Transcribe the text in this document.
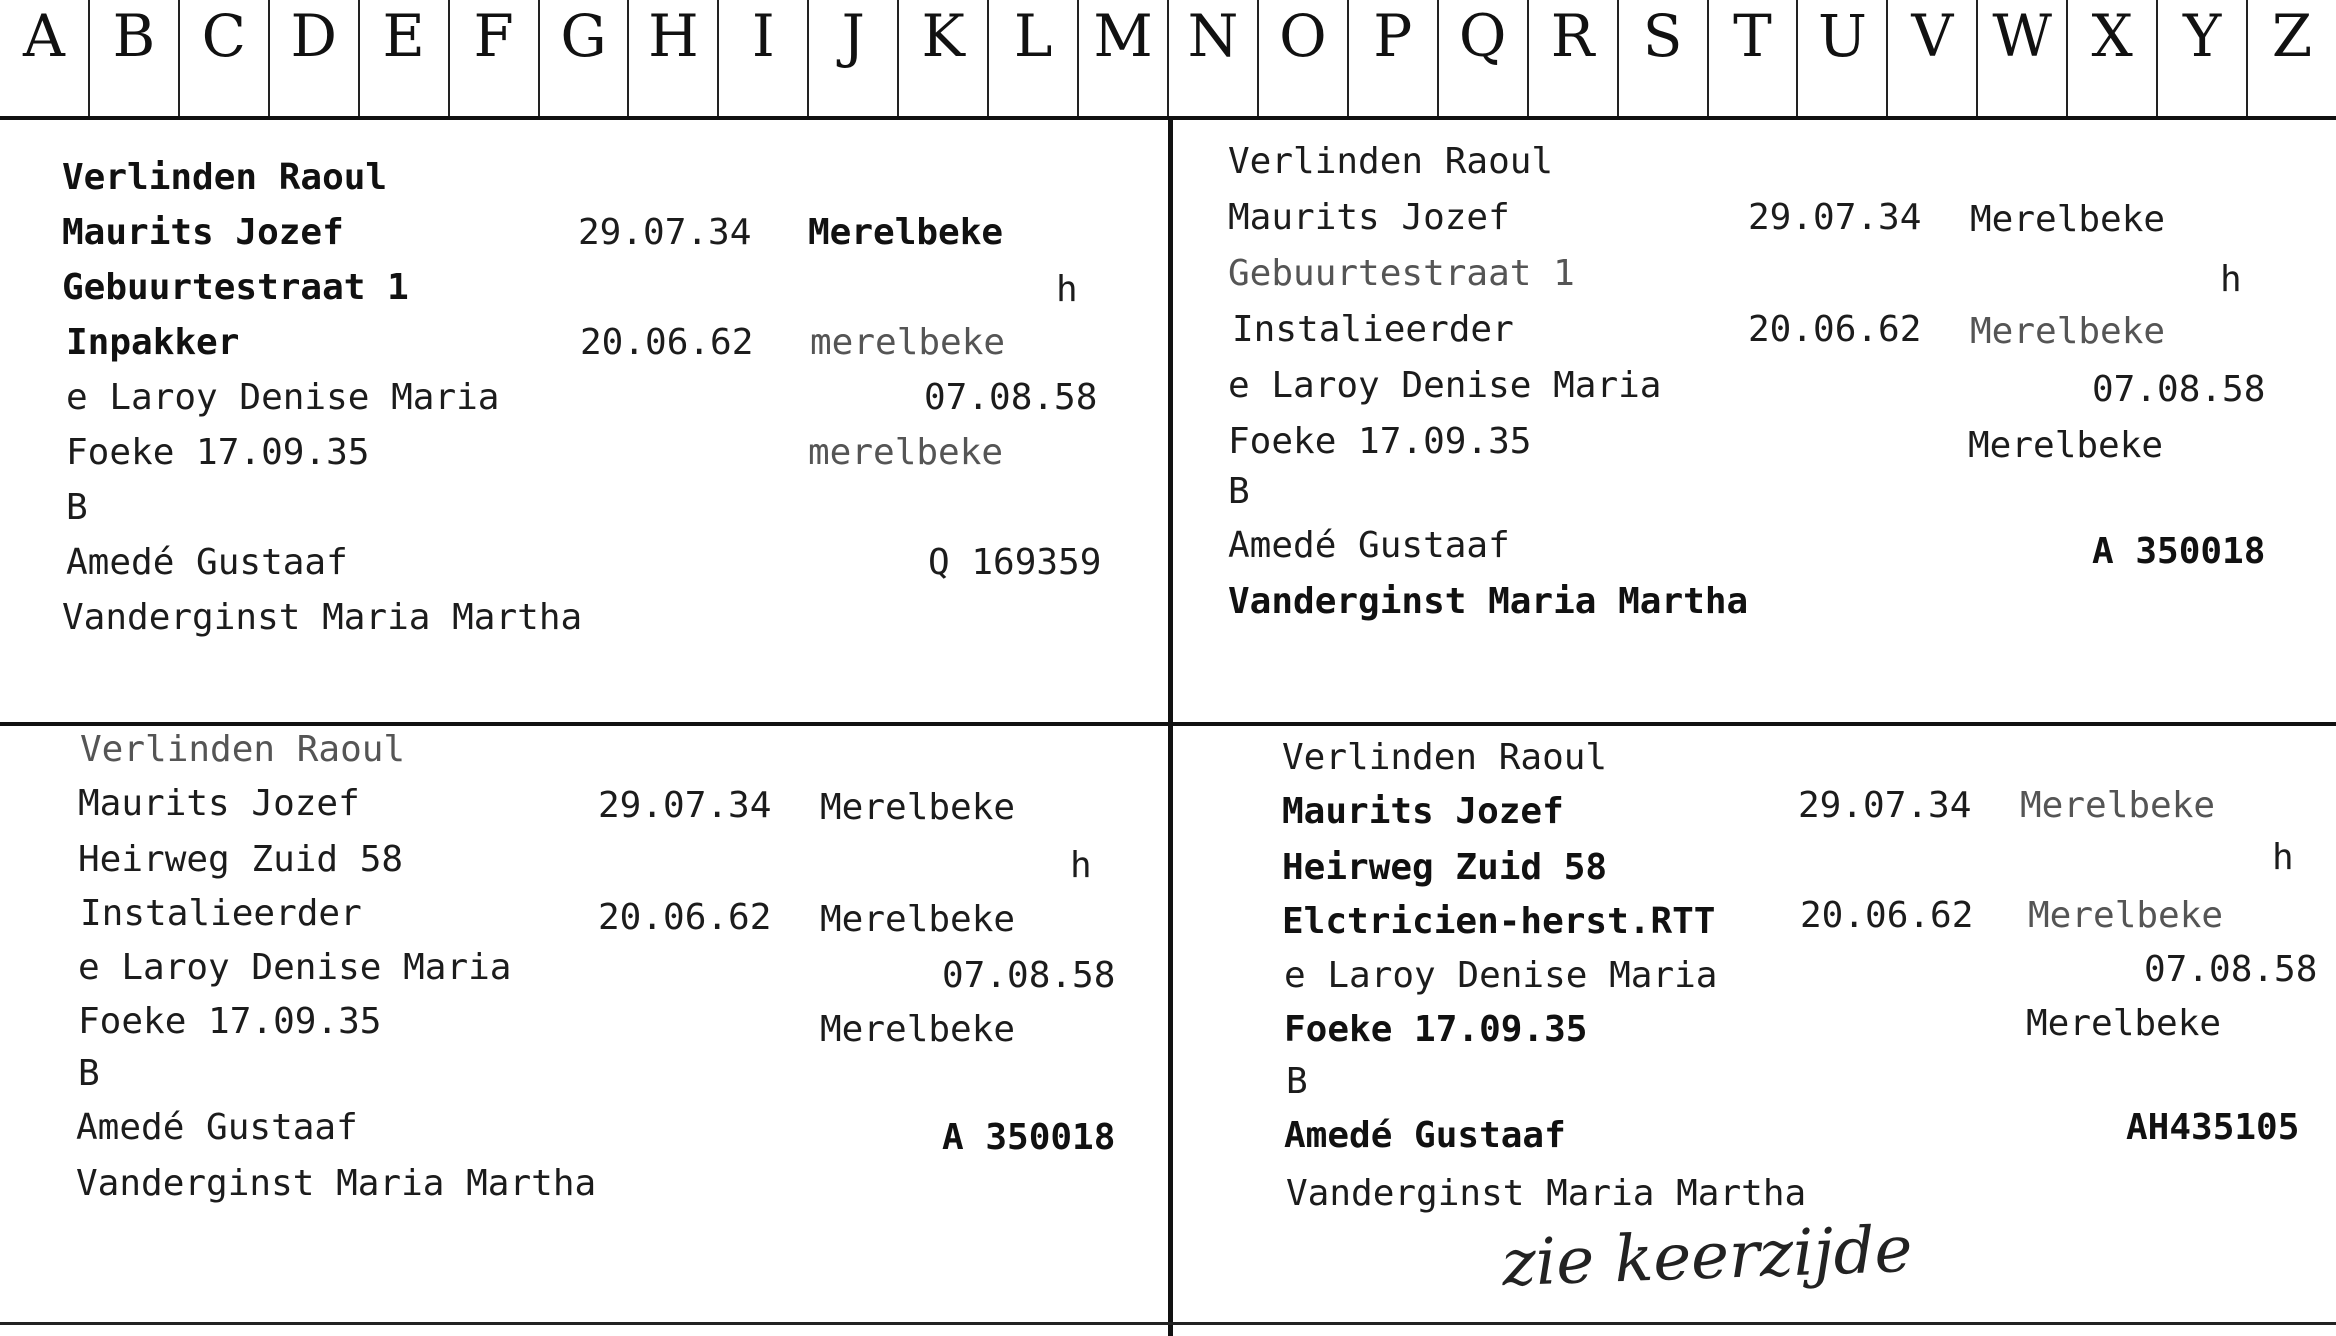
A B C D E F G H I	J K L M N O P Q R S T U V W X Y Z
Verlinden Raoul
Maurits Jozef	29.07.34 Merelbeke
Gebuurtestraat 1	h
Inpakker	20.06.62 merelbeke
e Laroy Denise Maria	07.08.58
Foeke 17.09.35	merelbeke
B
Amedé Gustaaf	Q 169359
Vanderginst Maria Martha
Verlinden Raoul
Maurits Jozef	29.07.34 Merelbeke
Gebuurtestraat 1	h
Instalieerder	20.06.62 Merelbeke
e Laroy Denise Maria	07.08.58
Foeke 17.09.35	Merelbeke
B
Amedé Gustaaf	A 350018
Vanderginst Maria Martha
Verlinden Raoul
Maurits Jozef	29.07.34 Merelbeke
Heirweg Zuid 58	h
Instalieerder	20.06.62 Merelbeke
e Laroy Denise Maria	07.08.58
Foeke 17.09.35	Merelbeke
B
Amedé Gustaaf	A 350018
Vanderginst Maria Martha
Verlinden Raoul
Maurits Jozef	29.07.34 Merelbeke
Heirweg Zuid 58	h
Elctricien-herst.RTT 20.06.62 Merelbeke
e Laroy Denise Maria	07.08.58
Foeke 17.09.35	Merelbeke
B
Amedé Gustaaf	AH435105
Vanderginst Maria Martha
zie keerzijde
